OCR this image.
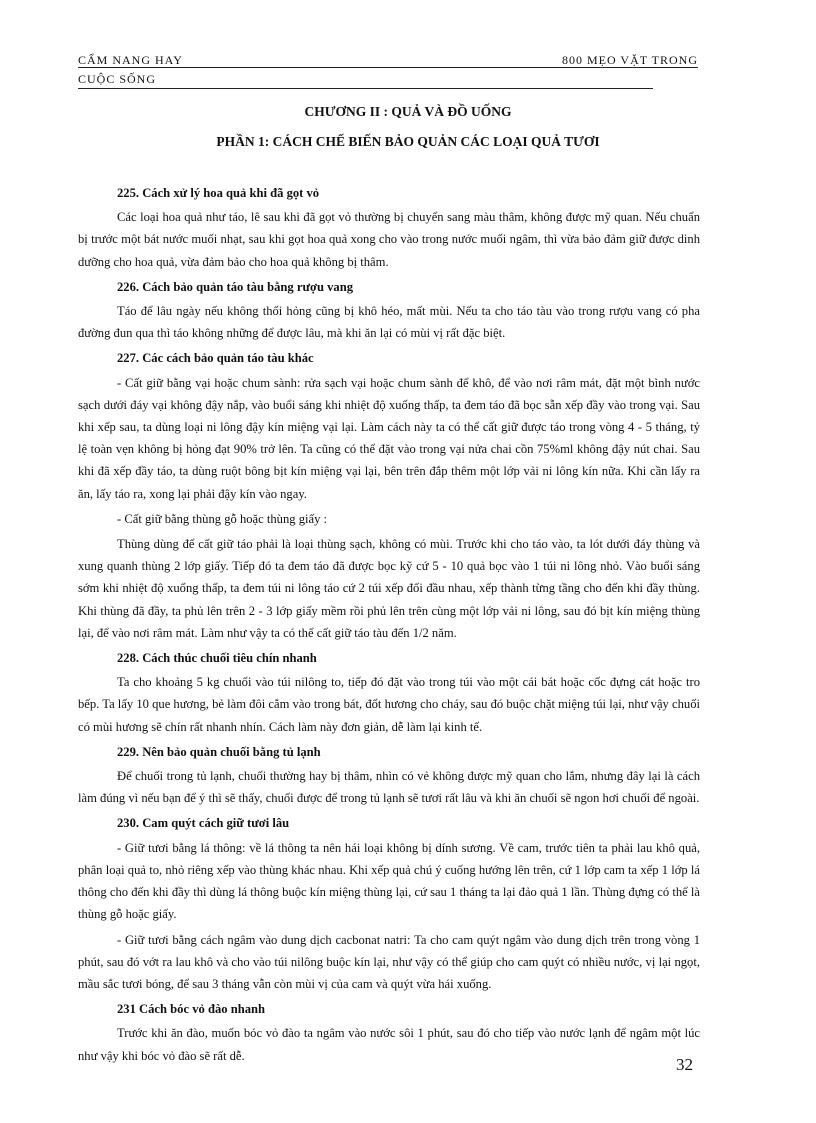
CẨM NANG HAY	800 MẸO VẶT TRONG
CUỘC SỐNG
CHƯƠNG II : QUẢ VÀ ĐỒ UỐNG
PHẦN 1: CÁCH CHẾ BIẾN BẢO QUẢN CÁC LOẠI QUẢ TƯƠI
225. Cách xử lý hoa quả khi đã gọt vỏ
Các loại hoa quả như táo, lê sau khi đã gọt vỏ thường bị chuyển sang màu thâm, không được mỹ quan. Nếu chuẩn bị trước một bát nước muối nhạt, sau khi gọt hoa quả xong cho vào trong nước muối ngâm, thì vừa bảo đảm giữ được dinh dưỡng cho hoa quả, vừa đảm bảo cho hoa quả không bị thâm.
226. Cách bảo quản táo tàu bằng rượu vang
Táo để lâu ngày nếu không thối hỏng cũng bị khô héo, mất mùi. Nếu ta cho táo tàu vào trong rượu vang có pha đường đun qua thì táo không những để được lâu, mà khi ăn lại có mùi vị rất đặc biệt.
227. Các cách bảo quản táo tàu khác
- Cất giữ bằng vại hoặc chum sành: rửa sạch vại hoặc chum sành để khô, để vào nơi râm mát, đặt một bình nước sạch dưới đáy vại không đậy nắp, vào buổi sáng khi nhiệt độ xuống thấp, ta đem táo đã bọc sẵn xếp đầy vào trong vại. Sau khi xếp sau, ta dùng loại ni lông đậy kín miệng vại lại. Làm cách này ta có thể cất giữ được táo trong vòng 4 - 5 tháng, tỷ lệ toàn vẹn không bị hỏng đạt 90% trở lên. Ta cũng có thể đặt vào trong vại nửa chai cồn 75%ml không đậy nút chai. Sau khi đã xếp đầy táo, ta dùng ruột bông bịt kín miệng vại lại, bên trên đắp thêm một lớp vải ni lông kín nữa. Khi cần lấy ra ăn, lấy táo ra, xong lại phải đậy kín vào ngay.
- Cất giữ bằng thùng gỗ hoặc thùng giấy :
Thùng dùng để cất giữ táo phải là loại thùng sạch, không có mùi. Trước khi cho táo vào, ta lót dưới đáy thùng và xung quanh thùng 2 lớp giấy. Tiếp đó ta đem táo đã được bọc kỹ cứ 5 - 10 quả bọc vào 1 túi ni lông nhỏ. Vào buổi sáng sớm khi nhiệt độ xuống thấp, ta đem túi ni lông táo cứ 2 túi xếp đối đầu nhau, xếp thành từng tầng cho đến khi đầy thùng. Khi thùng đã đầy, ta phủ lên trên 2 - 3 lớp giấy mềm rồi phủ lên trên cùng một lớp vải ni lông, sau đó bịt kín miệng thùng lại, để vào nơi râm mát. Làm như vậy ta có thể cất giữ táo tàu đến 1/2 năm.
228. Cách thúc chuối tiêu chín nhanh
Ta cho khoảng 5 kg chuối vào túi nilông to, tiếp đó đặt vào trong túi vào một cái bát hoặc cốc đựng cát hoặc tro bếp. Ta lấy 10 que hương, bẻ làm đôi cắm vào trong bát, đốt hương cho cháy, sau đó buộc chặt miệng túi lại, như vậy chuối có mùi hương sẽ chín rất nhanh nhín. Cách làm này đơn giản, dễ làm lại kinh tế.
229. Nên bảo quản chuối bằng tủ lạnh
Để chuối trong tủ lạnh, chuối thường hay bị thâm, nhìn có vẻ không được mỹ quan cho lắm, nhưng đây lại là cách làm đúng vì nếu bạn để ý thì sẽ thấy, chuối được để trong tủ lạnh sẽ tươi rất lâu và khi ăn chuối sẽ ngon hơi chuối để ngoài.
230. Cam quýt cách giữ tươi lâu
- Giữ tươi bằng lá thông: về lá thông ta nên hái loại không bị dính sương. Về cam, trước tiên ta phải lau khô quả, phân loại quả to, nhỏ riêng xếp vào thùng khác nhau. Khi xếp quả chú ý cuống hướng lên trên, cứ 1 lớp cam ta xếp 1 lớp lá thông cho đến khi đầy thì dùng lá thông buộc kín miệng thùng lại, cứ sau 1 tháng ta lại đảo quả 1 lần. Thùng đựng có thể là thùng gỗ hoặc giấy.
- Giữ tươi bằng cách ngâm vào dung dịch cacbonat natri: Ta cho cam quýt ngâm vào dung dịch trên trong vòng 1 phút, sau đó vớt ra lau khô và cho vào túi nilông buộc kín lại, như vậy có thể giúp cho cam quýt có nhiều nước, vị lại ngọt, mầu sắc tươi bóng, để sau 3 tháng vẫn còn mùi vị của cam và quýt vừa hái xuống.
231 Cách bóc vỏ đào nhanh
Trước khi ăn đào, muốn bóc vỏ đào ta ngâm vào nước sôi 1 phút, sau đó cho tiếp vào nước lạnh để ngâm một lúc như vậy khi bóc vỏ đào sẽ rất dễ.	32
